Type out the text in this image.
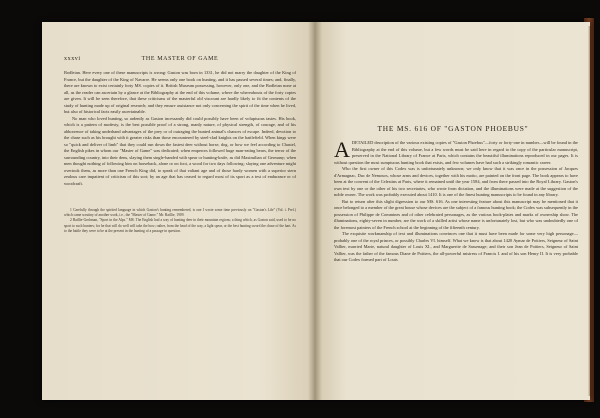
xxxvi	THE MASTER OF GAME

Bodleian. Here every one of these manuscripts is wrong: Gaston was born in 1331, he did not marry the daughter of the King of France, but the daughter of the King of Navarre. He seems only one book on hunting, and it has passed several times; and, finally, there are known to exist certainly forty MS. copies of it. British Museum possessing, however, only one, and the Bodleian none at all, as the reader can ascertain by a glance at the Bibliography at the end of this volume, where the whereabouts of the forty copies are given. It will be seen therefore, that these criticisms of the masterful old viscount are hardly likely to fit the contents of the study of hunting made up of original research; and they ensure assistance not only concerning the spirit of the time when he lived, but also of historical facts easily ascertainable.

No man who loved hunting, so ardently as Gaston incessantly did could possibly have been of voluptuous tastes. His book, which is a pattern of modesty, is the best possible proof of a strong, manly nature, of physical strength, of courage, and of his abhorrence of taking underhand advantages of the prey or of outraging the hunted animal's chances of escape. Indeed, devotion to the chase such as his brought with it greater risks than those encountered by steel-clad knights on the battlefield. When kings were so "quick and deliver of limb" that they could run down the fastest deer without horse, dog, or bow we feel according to Chastel, the English pikes in whom our "Master of Game" was dedicated; when emperors followed huge man-eating bears, the terror of the surrounding country, into their dens, slaying them single-handed with spear or hunting-knife, as did Maximilian of Germany; when men thought nothing of following him on horseback, alone or on foot, a wood for two days following; slaying one adventure might overtook them, as more than one French King did, to speak of that valiant age and of those hardy women with a superior stern zealous care impatient of criticism of this sort; by an age that has ceased to regard most of its sport as a test of endurance or of woodcraft.

1 Carefully through the spirited language in which Gaston's hunting remembered, is one I wrote some time previously on "Gaston's Life" (Vol. i. Pref.) which came scrutiny of another work, i.e., the "Master of Game." Mr. Baillie, 1909.

2 Baillie-Grohman, "Sport in the Alps." MS. The English had a way of hunting deer in their mountain regions; a thing which, as Gaston said, used to be no sport to such hunters; for he that will do well will take the bow; rather, from the head of the way, a light spear, or the best hunting sword the chase of the hart. As to the battle they were to be at the present in the hunting of a passage in question.

THE MS. 616 OF "GASTON PHOEBUS"

ADETAILED description of the various existing copies of "Gaston Phoebus"—forty or forty-one in number—will be found in the Bibliography at the end of this volume, but a few words must be said here in regard to the copy of the particular manuscript, preserved in the National Library of France at Paris, which contains the beautiful illuminations reproduced in our pages. It is without question the most sumptuous hunting book that exists, and few volumes have had such a strikingly romantic career.

Who the first owner of this Codex was is unfortunately unknown; we only know that it was once in the possession of Jacques d'Armagnac, Duc de Nemours, whose arms and devices, together with his motto, are painted on the front page. The book appears to have been at the convent of the Celestins at Paris, where it remained until the year 1584, and from there passed into the Royal Library. Gaston's own text by one or the other of his two secretaries, who wrote from dictation, and the illuminations were made at the suggestion of the noble owner. The work was probably executed about 1410. It is one of the finest hunting manuscripts to be found in any library.

But to return after this slight digression to our MS. 616. As one interesting feature about this manuscript may be mentioned that it once belonged to a member of the great house whose devices are the subject of a famous hunting book; the Codex was subsequently in the possession of Philippe de Commines and of other celebrated personages, as the various book-plates and marks of ownership show. The illuminations, eighty-seven in number, are the work of a skilled artist whose name is unfortunately lost, but who was undoubtedly one of the foremost painters of the French school at the beginning of the fifteenth century.

The exquisite workmanship of text and illuminations convinces one that it must have been made for some very high personage—probably one of the royal princes, or possibly Charles VI. himself. What we know is that about 1420 Aymar de Poitiers, Seigneur of Saint Vallier, married Marie, natural daughter of Louis XI., and Marguerite de Sassenage; and their son Jean de Poitiers, Seigneur of Saint Vallier, was the father of the famous Diane de Poitiers, the all-powerful mistress of Francis I. and of his son Henry II. It is very probable that our Codex formed part of Louis
